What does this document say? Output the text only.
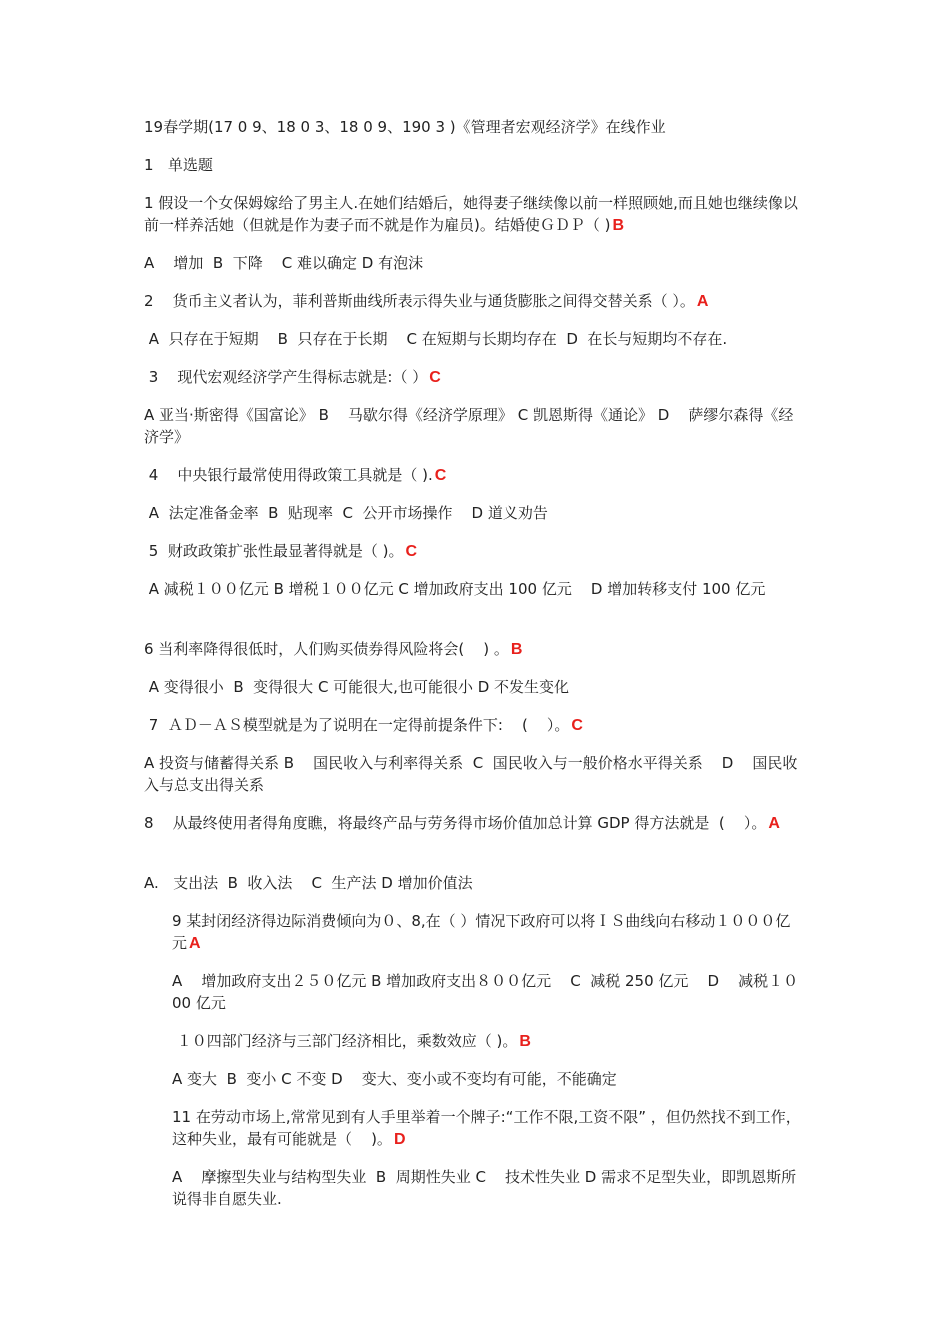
19春学期(17 0 9、18 0 3、18 0 9、190 3 )《管理者宏观经济学》在线作业

1   单选题

1 假设一个女保姆嫁给了男主人.在她们结婚后，她得妻子继续像以前一样照顾她,而且她也继续像以前一样养活她（但就是作为妻子而不就是作为雇员)。结婚使ＧＤＰ（ ) B

A    增加  B  下降    C 难以确定 D 有泡沫

2    货币主义者认为，菲利普斯曲线所表示得失业与通货膨胀之间得交替关系（ ）。 A

A  只存在于短期    B  只存在于长期    C 在短期与长期均存在  D  在长与短期均不存在.

3    现代宏观经济学产生得标志就是:（ ） C

A 亚当·斯密得《国富论》 B    马歇尔得《经济学原理》 C 凯恩斯得《通论》 D    萨缪尔森得《经济学》

4    中央银行最常使用得政策工具就是（ ). C

A  法定准备金率  B  贴现率  C  公开市场操作    D 道义劝告

5  财政政策扩张性最显著得就是（ )。 C

A 减税１００亿元 B 增税１００亿元 C 增加政府支出 100 亿元    D 增加转移支付 100 亿元

6 当利率降得很低时，人们购买债券得风险将会(    ) 。 B

A 变得很小  B  变得很大 C 可能很大,也可能很小 D 不发生变化

7  ＡＤ－ＡＳ模型就是为了说明在一定得前提条件下:    (    ）。 C

A 投资与储蓄得关系 B    国民收入与利率得关系  C  国民收入与一般价格水平得关系    D    国民收入与总支出得关系

8    从最终使用者得角度瞧，将最终产品与劳务得市场价值加总计算 GDP 得方法就是  (    ）。 A

A.   支出法  B  收入法    C  生产法 D 增加价值法

9 某封闭经济得边际消费倾向为０、8,在（ ）情况下政府可以将ＩＳ曲线向右移动１０００亿元 A

A    增加政府支出２５０亿元 B 增加政府支出８００亿元    C  减税 250 亿元    D    减税１０00 亿元

１０四部门经济与三部门经济相比，乘数效应（ )。 B

A 变大  B  变小 C 不变 D    变大、变小或不变均有可能，不能确定

11 在劳动市场上,常常见到有人手里举着一个牌子:“工作不限,工资不限” ，但仍然找不到工作，这种失业，最有可能就是（    )。 D

A    摩擦型失业与结构型失业  B  周期性失业 C    技术性失业 D 需求不足型失业，即凯恩斯所说得非自愿失业.
